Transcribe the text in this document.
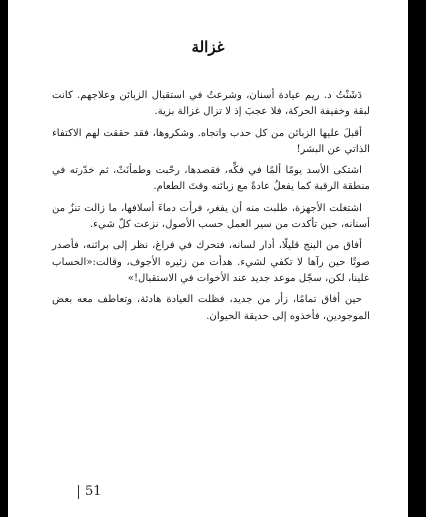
غزالة

دَشَنْتُ د. ريم عيادة أسنان، وشرعتُ في استقبال الزبائن وعلاجهم. كانت لبقة وخفيفة الحركة، فلا عجبَ إذ لا تزال غزالة بزية.

أقبلَ عليها الزبائن من كل حدب واتجاه. وشكروها، فقد حققت لهم الاكتفاء الذاتي عن البشر!

اشتكى الأسد يومًا ألمًا في فكِّه، فقصدها، رحّبت وطمأنَتْ، ثم خدّرته في منطقة الرقبة كما يفعلُ عادةً مع زبائنه وقتَ الطعام.

اشتغلت الأجهزة، طلبت منه أن يفغر، فرأت دماءَ أسلافها، ما زالت تنزُ من أسنانه، حين تأكدت من سير العمل حسب الأصول، نزعت كلّ شيء.

أفاق من البنج قليلًا، أدار لسانه، فتحرك في فراغ، نظر إلى براثنه، فأصدر صوتًا حين رآها لا تكفي لشيء. هدأت من زئيره الأجوف، وقالت:«الحساب علينا، لكن، سجّل موعد جديد عند الأخوات في الاستقبال!»

حين أفاق تمامًا، زأر من جديد، فظلت العيادة هادئة، وتعاطف معه بعض الموجودين، فأخذوه إلى حديقة الحيوان.

51
